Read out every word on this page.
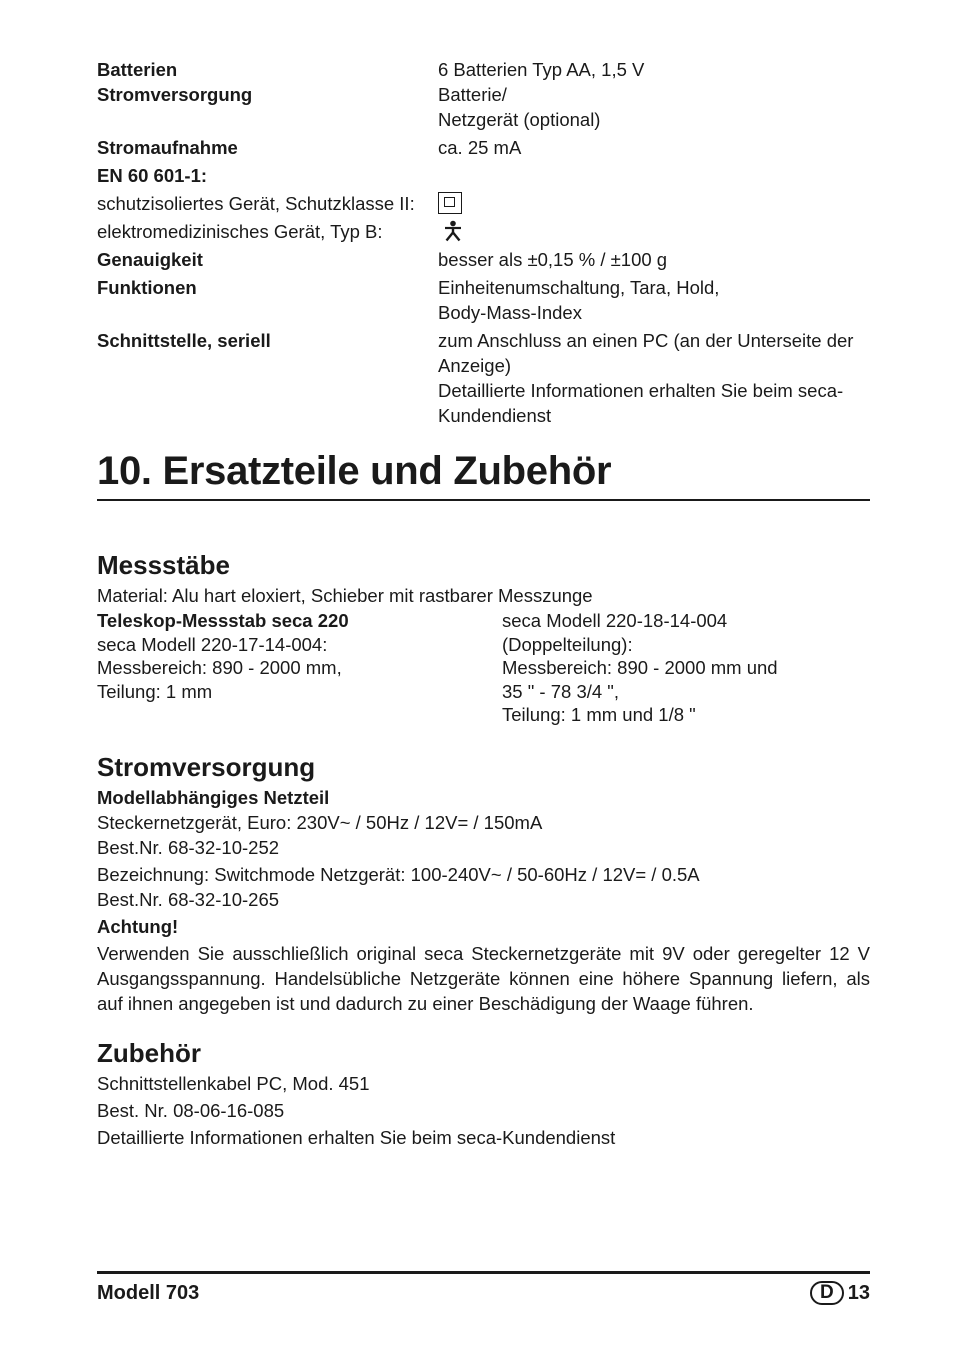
Batterien	6 Batterien Typ AA, 1,5 V
Stromversorgung	Batterie/
Netzgerät (optional)
Stromaufnahme	ca. 25 mA
EN 60 601-1:
schutzisoliertes Gerät, Schutzklasse II:
elektromedizinisches Gerät, Typ B:
Genauigkeit	besser als ±0,15 % / ±100 g
Funktionen	Einheitenumschaltung, Tara, Hold,
Body-Mass-Index
Schnittstelle, seriell	zum Anschluss an einen PC (an der Unterseite der
Anzeige)
Detaillierte Informationen erhalten Sie beim seca-
Kundendienst
10. Ersatzteile und Zubehör
Messstäbe
Material: Alu hart eloxiert, Schieber mit rastbarer Messzunge
Teleskop-Messstab seca 220
seca Modell 220-17-14-004:
Messbereich: 890 - 2000 mm,
Teilung: 1 mm
seca Modell 220-18-14-004
(Doppelteilung):
Messbereich: 890 - 2000 mm und
35 " - 78 3/4 ",
Teilung: 1 mm und 1/8 "
Stromversorgung
Modellabhängiges Netzteil
Steckernetzgerät, Euro: 230V~ / 50Hz / 12V= / 150mA
Best.Nr. 68-32-10-252
Bezeichnung: Switchmode Netzgerät: 100-240V~ / 50-60Hz / 12V= / 0.5A
Best.Nr. 68-32-10-265
Achtung!
Verwenden Sie ausschließlich original seca Steckernetzgeräte mit 9V oder geregelter 12 V Ausgangsspannung. Handelsübliche Netzgeräte können eine höhere Spannung liefern, als auf ihnen angegeben ist und dadurch zu einer Beschädigung der Waage führen.
Zubehör
Schnittstellenkabel PC, Mod. 451
Best. Nr. 08-06-16-085
Detaillierte Informationen erhalten Sie beim seca-Kundendienst
Modell 703	D 13
